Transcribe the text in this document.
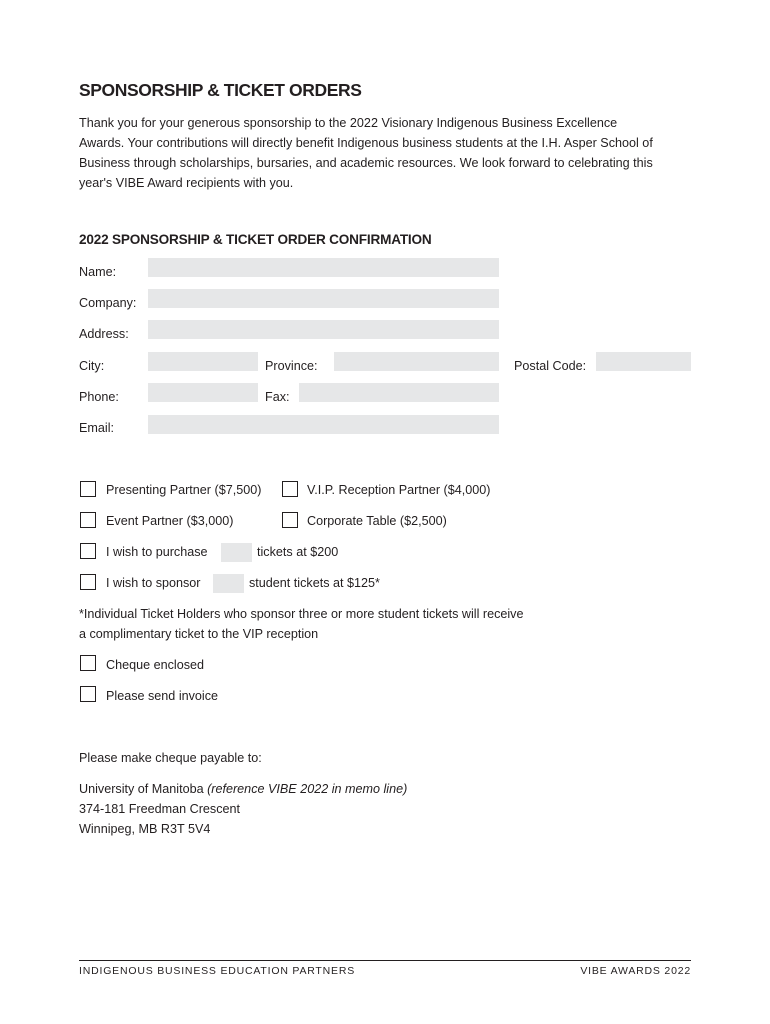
SPONSORSHIP & TICKET ORDERS
Thank you for your generous sponsorship to the 2022 Visionary Indigenous Business Excellence
Awards. Your contributions will directly benefit Indigenous business students at the I.H. Asper School of
Business through scholarships, bursaries, and academic resources. We look forward to celebrating this
year's VIBE Award recipients with you.
2022 SPONSORSHIP & TICKET ORDER CONFIRMATION
Name:
Company:
Address:
City:	Province:	Postal Code:
Phone:	Fax:
Email:
Presenting Partner ($7,500)	V.I.P. Reception Partner ($4,000)
Event Partner ($3,000)	Corporate Table ($2,500)
I wish to purchase	tickets at $200
I wish to sponsor	student tickets at $125*
*Individual Ticket Holders who sponsor three or more student tickets will receive
a complimentary ticket to the VIP reception
Cheque enclosed
Please send invoice
Please make cheque payable to:
University of Manitoba (reference VIBE 2022 in memo line)
374-181 Freedman Crescent
Winnipeg, MB R3T 5V4
INDIGENOUS BUSINESS EDUCATION PARTNERS	VIBE AWARDS 2022
